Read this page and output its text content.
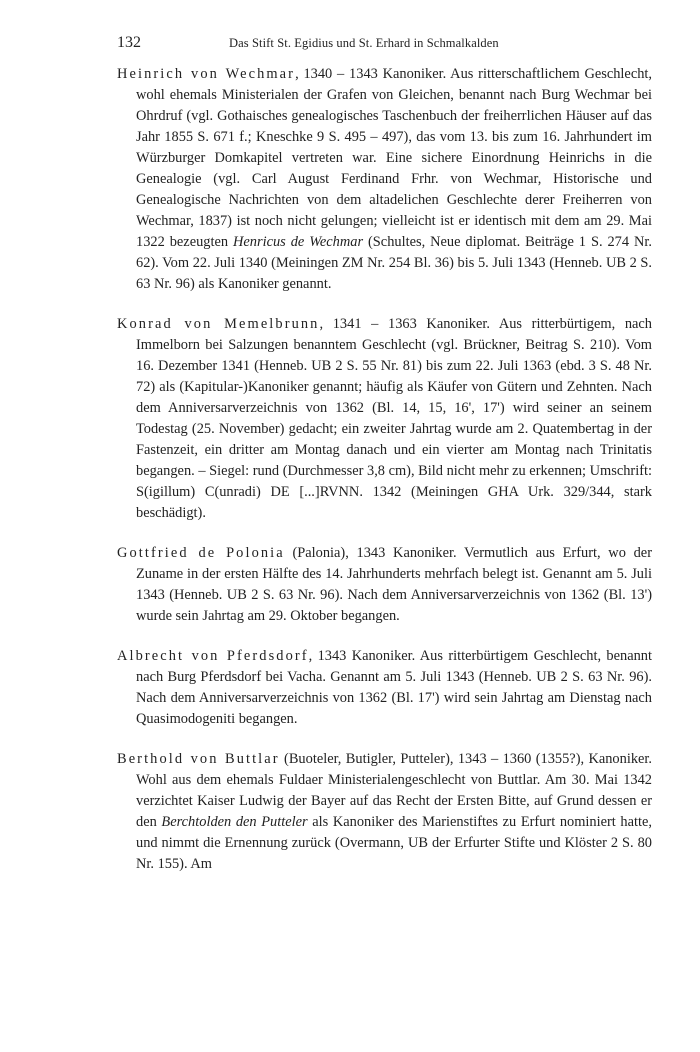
132	Das Stift St. Egidius und St. Erhard in Schmalkalden

Heinrich von Wechmar, 1340 – 1343 Kanoniker. Aus ritterschaftlichem Geschlecht, wohl ehemals Ministerialen der Grafen von Gleichen, benannt nach Burg Wechmar bei Ohrdruf (vgl. Gothaisches genealogisches Taschenbuch der freiherrlichen Häuser auf das Jahr 1855 S. 671 f.; Kneschke 9 S. 495 – 497), das vom 13. bis zum 16. Jahrhundert im Würzburger Domkapitel vertreten war. Eine sichere Einordnung Heinrichs in die Genealogie (vgl. Carl August Ferdinand Frhr. von Wechmar, Historische und Genealogische Nachrichten von dem altadelichen Geschlechte derer Freiherren von Wechmar, 1837) ist noch nicht gelungen; vielleicht ist er identisch mit dem am 29. Mai 1322 bezeugten Henricus de Wechmar (Schultes, Neue diplomat. Beiträge 1 S. 274 Nr. 62). Vom 22. Juli 1340 (Meiningen ZM Nr. 254 Bl. 36) bis 5. Juli 1343 (Henneb. UB 2 S. 63 Nr. 96) als Kanoniker genannt.

Konrad von Memelbrunn, 1341 – 1363 Kanoniker. Aus ritterbürtigem, nach Immelborn bei Salzungen benanntem Geschlecht (vgl. Brückner, Beitrag S. 210). Vom 16. Dezember 1341 (Henneb. UB 2 S. 55 Nr. 81) bis zum 22. Juli 1363 (ebd. 3 S. 48 Nr. 72) als (Kapitular-)Kanoniker genannt; häufig als Käufer von Gütern und Zehnten. Nach dem Anniversarverzeichnis von 1362 (Bl. 14, 15, 16', 17') wird seiner an seinem Todestag (25. November) gedacht; ein zweiter Jahrtag wurde am 2. Quatembertag in der Fastenzeit, ein dritter am Montag danach und ein vierter am Montag nach Trinitatis begangen. – Siegel: rund (Durchmesser 3,8 cm), Bild nicht mehr zu erkennen; Umschrift: S(igillum) C(unradi) DE [...]RVNN. 1342 (Meiningen GHA Urk. 329/344, stark beschädigt).

Gottfried de Polonia (Palonia), 1343 Kanoniker. Vermutlich aus Erfurt, wo der Zuname in der ersten Hälfte des 14. Jahrhunderts mehrfach belegt ist. Genannt am 5. Juli 1343 (Henneb. UB 2 S. 63 Nr. 96). Nach dem Anniversarverzeichnis von 1362 (Bl. 13') wurde sein Jahrtag am 29. Oktober begangen.

Albrecht von Pferdsdorf, 1343 Kanoniker. Aus ritterbürtigem Geschlecht, benannt nach Burg Pferdsdorf bei Vacha. Genannt am 5. Juli 1343 (Henneb. UB 2 S. 63 Nr. 96). Nach dem Anniversarverzeichnis von 1362 (Bl. 17') wird sein Jahrtag am Dienstag nach Quasimodogeniti begangen.

Berthold von Buttlar (Buoteler, Butigler, Putteler), 1343 – 1360 (1355?), Kanoniker. Wohl aus dem ehemals Fuldaer Ministerialengeschlecht von Buttlar. Am 30. Mai 1342 verzichtet Kaiser Ludwig der Bayer auf das Recht der Ersten Bitte, auf Grund dessen er den Berchtolden den Putteler als Kanoniker des Marienstiftes zu Erfurt nominiert hatte, und nimmt die Ernennung zurück (Overmann, UB der Erfurter Stifte und Klöster 2 S. 80 Nr. 155). Am
